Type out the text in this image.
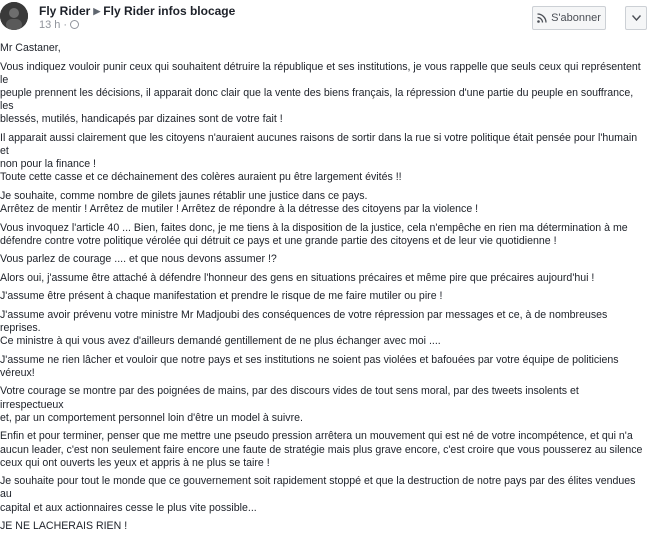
Fly Rider ▶ Fly Rider infos blocage
13 h ·
S'abonner

Mr Castaner,

Vous indiquez vouloir punir ceux qui souhaitent détruire la république et ses institutions, je vous rappelle que seuls ceux qui représentent le
peuple prennent les décisions, il apparait donc clair que la vente des biens français, la répression d'une partie du peuple en souffrance, les
blessés, mutilés, handicapés par dizaines sont de votre fait !

Il apparait aussi clairement que les citoyens n'auraient aucunes raisons de sortir dans la rue si votre politique était pensée pour l'humain et
non pour la finance !
Toute cette casse et ce déchainement des colères auraient pu être largement évités !!

Je souhaite, comme nombre de gilets jaunes rétablir une justice dans ce pays.
Arrêtez de mentir ! Arrêtez de mutiler ! Arrêtez de répondre à la détresse des citoyens par la violence !

Vous invoquez l'article 40 ... Bien, faites donc, je me tiens à la disposition de la justice, cela n'empêche en rien ma détermination à me
défendre contre votre politique vérolée qui détruit ce pays et une grande partie des citoyens et de leur vie quotidienne !

Vous parlez de courage .... et que nous devons assumer !?

Alors oui, j'assume être attaché à défendre l'honneur des gens en situations précaires et même pire que précaires aujourd'hui !

J'assume être présent à chaque manifestation et prendre le risque de me faire mutiler ou pire !

J'assume avoir prévenu votre ministre Mr Madjoubi des conséquences de votre répression par messages et ce, à de nombreuses reprises.
Ce ministre à qui vous avez d'ailleurs demandé gentillement de ne plus échanger avec moi ....

J'assume ne rien lâcher et vouloir que notre pays et ses institutions ne soient pas violées et bafouées par votre équipe de politiciens
véreux!

Votre courage se montre par des poignées de mains, par des discours vides de tout sens moral, par des tweets insolents et irrespectueux
et, par un comportement personnel loin d'être un model à suivre.

Enfin et pour terminer, penser que me mettre une pseudo pression arrêtera un mouvement qui est né de votre incompétence, et qui n'a
aucun leader, c'est non seulement faire encore une faute de stratégie mais plus grave encore, c'est croire que vous pousserez au silence
ceux qui ont ouverts les yeux et appris à ne plus se taire !

Je souhaite pour tout le monde que ce gouvernement soit rapidement stoppé et que la destruction de notre pays par des élites vendues au
capital et aux actionnaires cesse le plus vite possible...

JE NE LACHERAIS RIEN !
